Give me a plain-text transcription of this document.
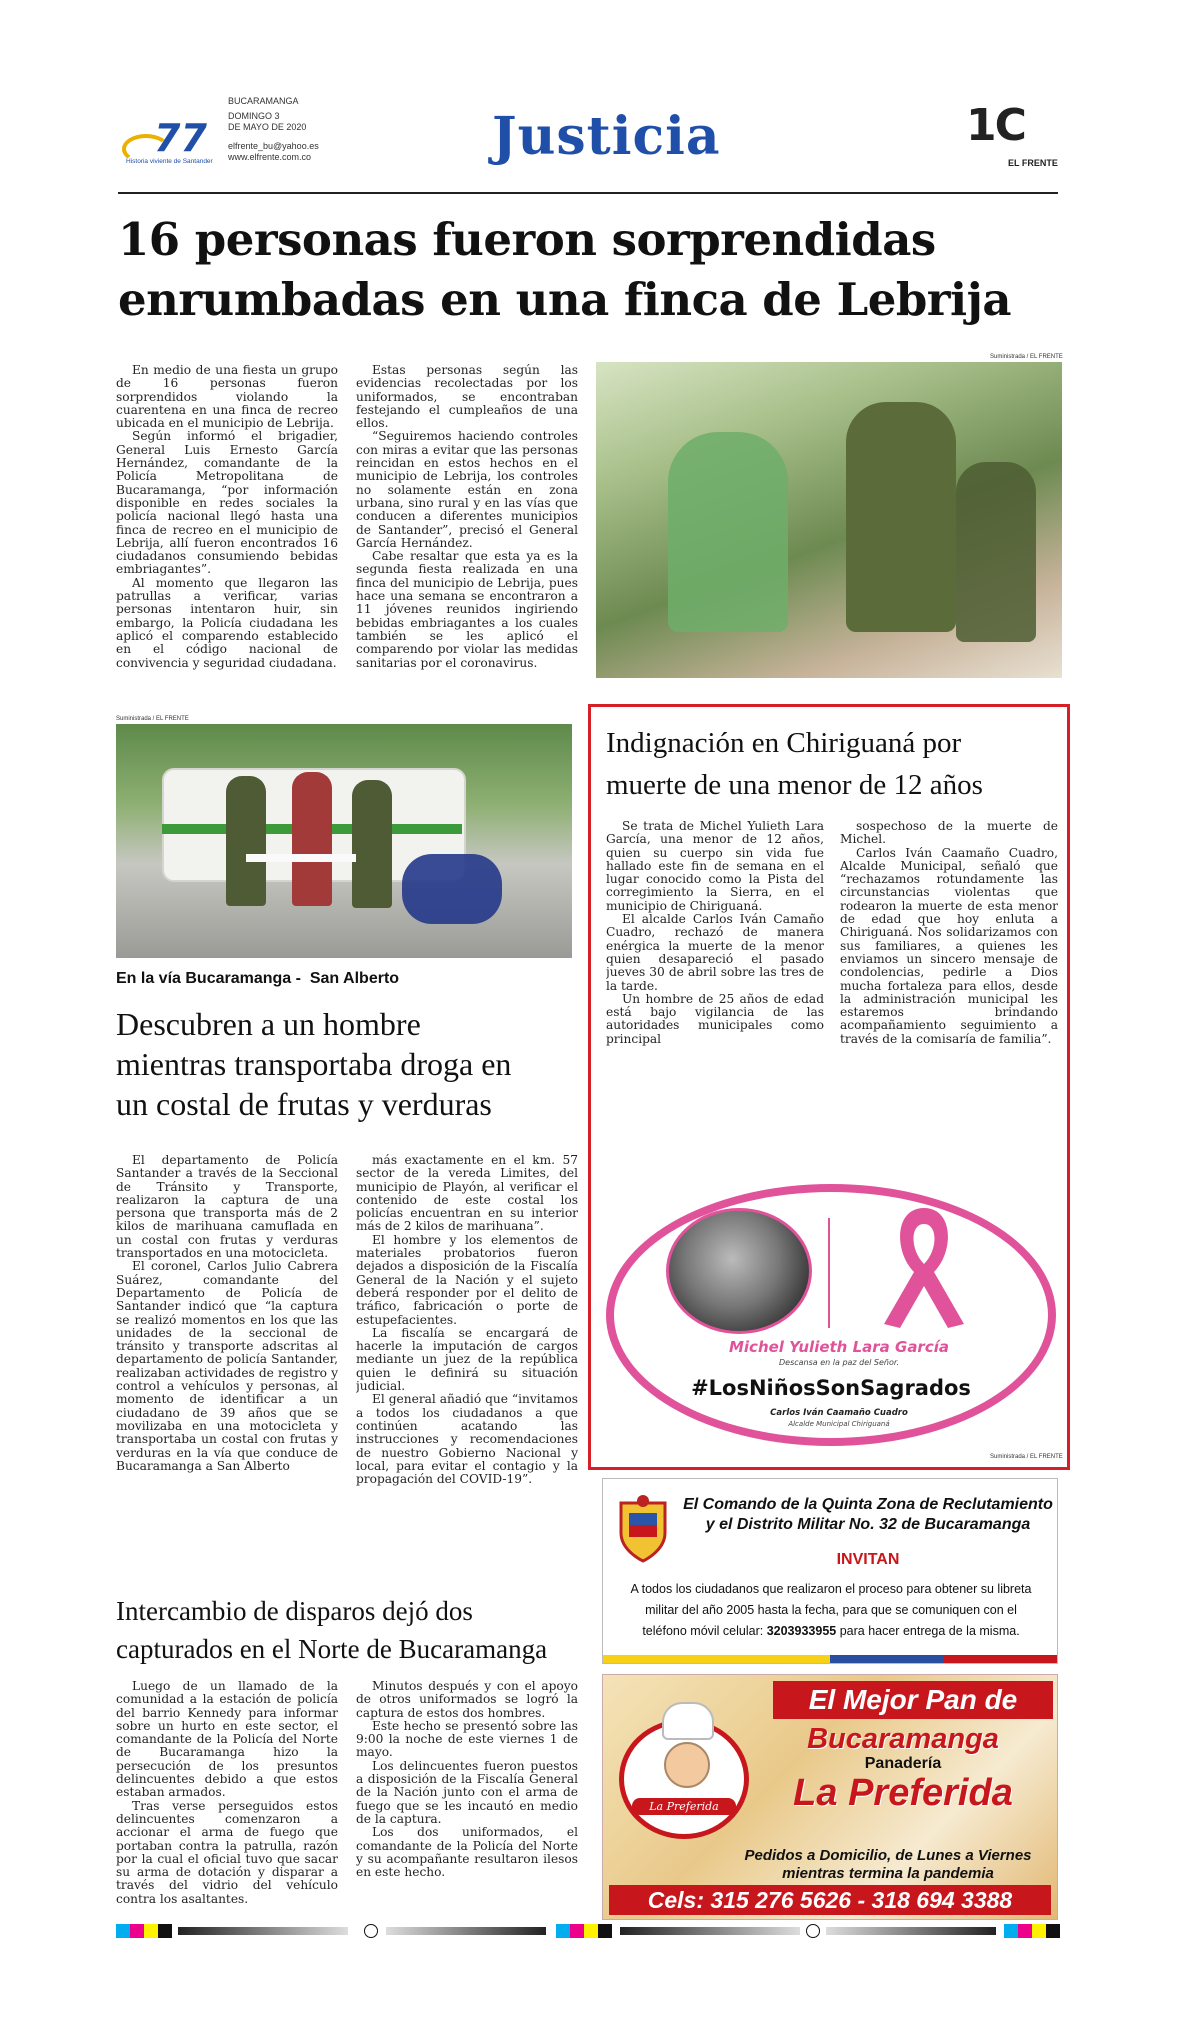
77
Historia viviente de Santander
BUCARAMANGA
DOMINGO 3
DE MAYO DE 2020
elfrente_bu@yahoo.es
www.elfrente.com.co	Justicia	1C
EL FRENTE
16 personas fueron sorprendidas
enrumbadas en una finca de Lebrija

En medio de una fiesta un grupo de 16 personas fueron sorprendidos violando la cuarentena en una finca de recreo ubicada en el municipio de Lebrija.

Según informó el brigadier, General Luis Ernesto García Hernández, comandante de la Policía Metropolitana de Bucaramanga, “por información disponible en redes sociales la policía nacional llegó hasta una finca de recreo en el municipio de Lebrija, allí fueron encontrados 16 ciudadanos consumiendo bebidas embriagantes”.

Al momento que llegaron las patrullas a verificar, varias personas intentaron huir, sin embargo, la Policía ciudadana les aplicó el comparendo establecido en el código nacional de convivencia y seguridad ciudadana.

Estas personas según las evidencias recolectadas por los uniformados, se encontraban festejando el cumpleaños de una ellos.

“Seguiremos haciendo controles con miras a evitar que las personas reincidan en estos hechos en el municipio de Lebrija, los controles no solamente están en zona urbana, sino rural y en las vías que conducen a diferentes municipios de Santander”, precisó el General García Hernández.

Cabe resaltar que esta ya es la segunda fiesta realizada en una finca del municipio de Lebrija, pues hace una semana se encontraron a 11 jóvenes reunidos ingiriendo bebidas embriagantes a los cuales también se les aplicó el comparendo por violar las medidas sanitarias por el coronavirus.

Suministrada / EL FRENTE
Suministrada / EL FRENTE
En la vía Bucaramanga -  San Alberto
Descubren a un hombre
mientras transportaba droga en
un costal de frutas y verduras

El departamento de Policía Santander a través de la Seccional de Tránsito y Transporte, realizaron la captura de una persona que transporta más de 2 kilos de marihuana camuflada en un costal con frutas y verduras transportados en una motocicleta.

El coronel, Carlos Julio Cabrera Suárez, comandante del Departamento de Policía de Santander indicó que “la captura se realizó momentos en los que las unidades de la seccional de tránsito y transporte adscritas al departamento de policía Santander, realizaban actividades de registro y control a vehículos y personas, al momento de identificar a un ciudadano de 39 años que se movilizaba en una motocicleta y transportaba un costal con frutas y verduras en la vía que conduce de Bucaramanga a San Alberto

más exactamente en el km. 57 sector de la vereda Limites, del municipio de Playón, al verificar el contenido de este costal los policías encuentran en su interior más de 2 kilos de marihuana”.

El hombre y los elementos de materiales probatorios fueron dejados a disposición de la Fiscalía General de la Nación y el sujeto deberá responder por el delito de tráfico, fabricación o porte de estupefacientes.

La fiscalía se encargará de hacerle la imputación de cargos mediante un juez de la república quien le definirá su situación judicial.

El general añadió que “invitamos a todos los ciudadanos a que continúen acatando las instrucciones y recomendaciones de nuestro Gobierno Nacional y local, para evitar el contagio y la propagación del COVID-19”.

Indignación en Chiriguaná por
muerte de una menor de 12 años

Se trata de Michel Yulieth Lara García, una menor de 12 años, quien su cuerpo sin vida fue hallado este fin de semana en el lugar conocido como la Pista del corregimiento la Sierra, en el municipio de Chiriguaná.

El alcalde Carlos Iván Camaño Cuadro, rechazó de manera enérgica la muerte de la menor quien desapareció el pasado jueves 30 de abril sobre las tres de la tarde.

Un hombre de 25 años de edad está bajo vigilancia de las autoridades municipales como principal

sospechoso de la muerte de Michel.

Carlos Iván Caamaño Cuadro, Alcalde Municipal, señaló que “rechazamos rotundamente las circunstancias violentas que rodearon la muerte de esta menor de edad que hoy enluta a Chiriguaná. Nos solidarizamos con sus familiares, a quienes les enviamos un sincero mensaje de condolencias, pedirle a Dios mucha fortaleza para ellos, desde la administración municipal les estaremos brindando acompañamiento seguimiento a través de la comisaría de familia”.

Michel Yulieth Lara García
Descansa en la paz del Señor.
#LosNiñosSonSagrados
Carlos Iván Caamaño Cuadro
Alcalde Municipal Chiriguaná
Suministrada / EL FRENTE
Intercambio de disparos dejó dos
capturados en el Norte de Bucaramanga

Luego de un llamado de la comunidad a la estación de policía del barrio Kennedy para informar sobre un hurto en este sector, el comandante de la Policía del Norte de Bucaramanga hizo la persecución de los presuntos delincuentes debido a que estos estaban armados.

Tras verse perseguidos estos delincuentes comenzaron a accionar el arma de fuego que portaban contra la patrulla, razón por la cual el oficial tuvo que sacar su arma de dotación y disparar a través del vidrio del vehículo contra los asaltantes.

Minutos después y con el apoyo de otros uniformados se logró la captura de estos dos hombres.

Este hecho se presentó sobre las 9:00 la noche de este viernes 1 de mayo.

Los delincuentes fueron puestos a disposición de la Fiscalía General de la Nación junto con el arma de fuego que se les incautó en medio de la captura.

Los dos uniformados, el comandante de la Policía del Norte y su acompañante resultaron ilesos en este hecho.

El Comando de la Quinta Zona de Reclutamiento
y el Distrito Militar No. 32 de Bucaramanga
INVITAN
A todos los ciudadanos que realizaron el proceso para obtener su libreta
militar del año 2005 hasta la fecha, para que se comuniquen con el
teléfono móvil celular: 3203933955 para hacer entrega de la misma.
La Preferida
El Mejor Pan de
Bucaramanga
Panadería
La Preferida
Pedidos a Domicilio, de Lunes a Viernes
mientras termina la pandemia
Cels: 315 276 5626 - 318 694 3388
